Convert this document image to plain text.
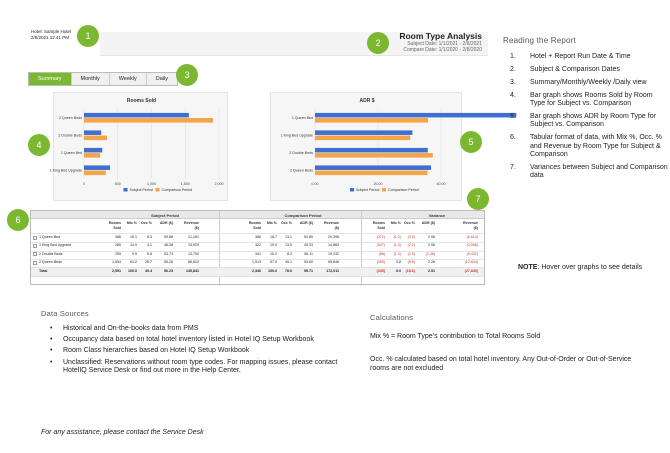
Hotel: Sample Hotel
2/5/2021 12:41 PM	Room Type Analysis
Subject Date: 1/1/2021 - 2/8/2021
Compare Date: 1/1/2020 - 2/8/2020
Summary	Monthly	Weekly	Daily
Rooms Sold
0	500	1,000	1,500	2,000
2 Queen Beds
2 Double Beds
1 Queen Bed
1 King Bed Upgrade
Subject Period Comparison Period
ADR $
0.00	20.00	40.00
1 Queen Bed
1 King Bed Upgrade
2 Double Beds
2 Queen Beds
Subject Period Comparison Period
Subject Period	Comparison Period	Variance
Rooms Sold
Mix %	Occ %	ADR ($)	Revenue ($)
Rooms Sold
Mix %	Occ %	ADR ($)	Revenue ($)
Rooms Sold
Mix % Occ %	ADR ($)	Revenue ($)
1 Queen Bed	386	15.1	8.3	95.88	21,161	386	16.7	13.1	53.85	20,396	(371)	(1.2)	(4.9)	2.06	(6,613)
1 King Bed Upgrade	285	14.9	3.1	46.38	13,929	322	15.0	13.5	45.33	14,883	(347)	(1.3)	(2.2)	2.06	(3,068)
2 Double Beds	255	9.9	5.8	53.73	13,700	341	10.2	8.3	56.11	19,132	(86)	(1.3)	(2.5)	(2.38)	(5,432)
2 Queen Beds	1,554	61.2	26.7	55.26	86,812	1,913	57.3	45.1	53.60	95,646	(359)	3.8	(8.6)	2.26	(12,834)
Total	2,591	100.0	40.4	56.23	145,841	2,346	100.0	78.0	55.71	172,011	(345)	0.0	(18.6)	2.51	(27,849)
1
2
3
4	5
6
7
Reading the Report
1.	Hotel + Report Run Date & Time
2.	Subject & Comparison Dates
3.	Summary/Monthly/Weekly /Daily view
4.	Bar graph shows Rooms Sold by Room Type for Subject vs. Comparison
5.	Bar graph shows ADR by Room Type for Subject vs. Comparison
6.	Tabular format of data, with Mix %, Occ. % and Revenue by Room Type for Subject & Comparison
7.	Variances between Subject and Comparison data
NOTE: Hover over graphs to see details
Data Sources
• Historical and On-the-books data from PMS
• Occupancy data based on total hotel inventory listed in Hotel IQ Setup Workbook
• Room Class hierarchies based on Hotel IQ Setup Workbook
• Unclassified: Reservations without room type codes. For mapping issues, please contact HotelIQ Service Desk or find out more in the Help Center.
For any assistance, please contact the Service Desk
Calculations
Mix % = Room Type’s contribution to Total Rooms Sold
Occ. % calculated based on total hotel inventory. Any Out-of-Order or Out-of-Service rooms are not excluded
